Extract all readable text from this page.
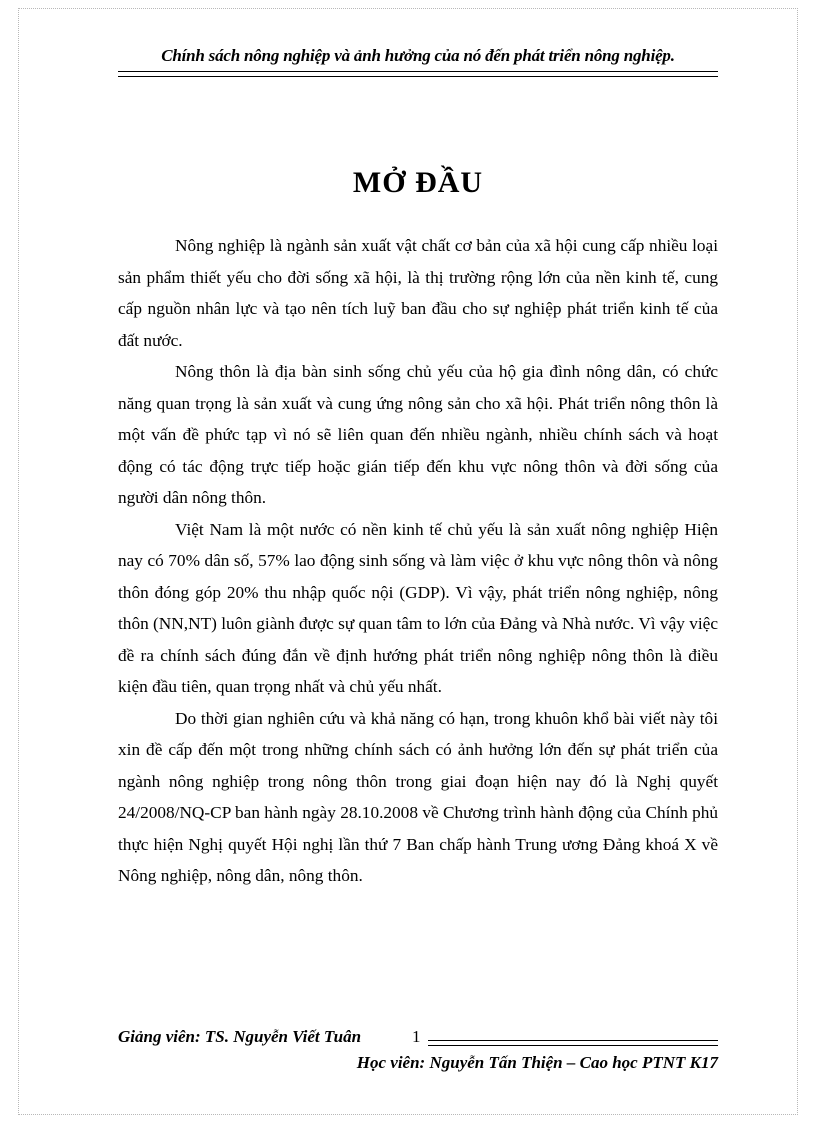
Chính sách nông nghiệp và ảnh hưởng của nó đến phát triển nông nghiệp.
MỞ ĐẦU

Nông nghiệp là ngành sản xuất vật chất cơ bản của xã hội cung cấp nhiều loại sản phẩm thiết yếu cho đời sống xã hội, là thị trường rộng lớn của nền kinh tế, cung cấp nguồn nhân lực và tạo nên tích luỹ ban đầu cho sự nghiệp phát triển kinh tế của đất nước.

Nông thôn là địa bàn sinh sống chủ yếu của hộ gia đình nông dân, có chức năng quan trọng là sản xuất và cung ứng nông sản cho xã hội. Phát triển nông thôn là một vấn đề phức tạp vì nó sẽ liên quan đến nhiều ngành, nhiều chính sách và hoạt động có tác động trực tiếp hoặc gián tiếp đến khu vực nông thôn và đời sống của người dân nông thôn.

Việt Nam là một nước có nền kinh tế chủ yếu là sản xuất nông nghiệp Hiện nay có 70% dân số, 57% lao động sinh sống và làm việc ở khu vực nông thôn và nông thôn đóng góp 20% thu nhập quốc nội (GDP). Vì vậy, phát triển nông nghiệp, nông thôn (NN,NT) luôn giành được sự quan tâm to lớn của Đảng và Nhà nước. Vì vậy việc đề ra chính sách đúng đắn về định hướng phát triển nông nghiệp nông thôn là điều kiện đầu tiên, quan trọng nhất và chủ yếu nhất.

Do thời gian nghiên cứu và khả năng có hạn, trong khuôn khổ bài viết này tôi xin đề cấp đến một trong những chính sách có ảnh hưởng lớn đến sự phát triển của ngành nông nghiệp trong nông thôn trong giai đoạn hiện nay đó là Nghị quyết 24/2008/NQ-CP ban hành ngày 28.10.2008 về Chương trình hành động của Chính phủ thực hiện Nghị quyết Hội nghị lần thứ 7 Ban chấp hành Trung ương Đảng khoá X về Nông nghiệp, nông dân, nông thôn.

Giảng viên: TS. Nguyễn Viết Tuân	1
Học viên: Nguyễn Tấn Thiện – Cao học PTNT K17
